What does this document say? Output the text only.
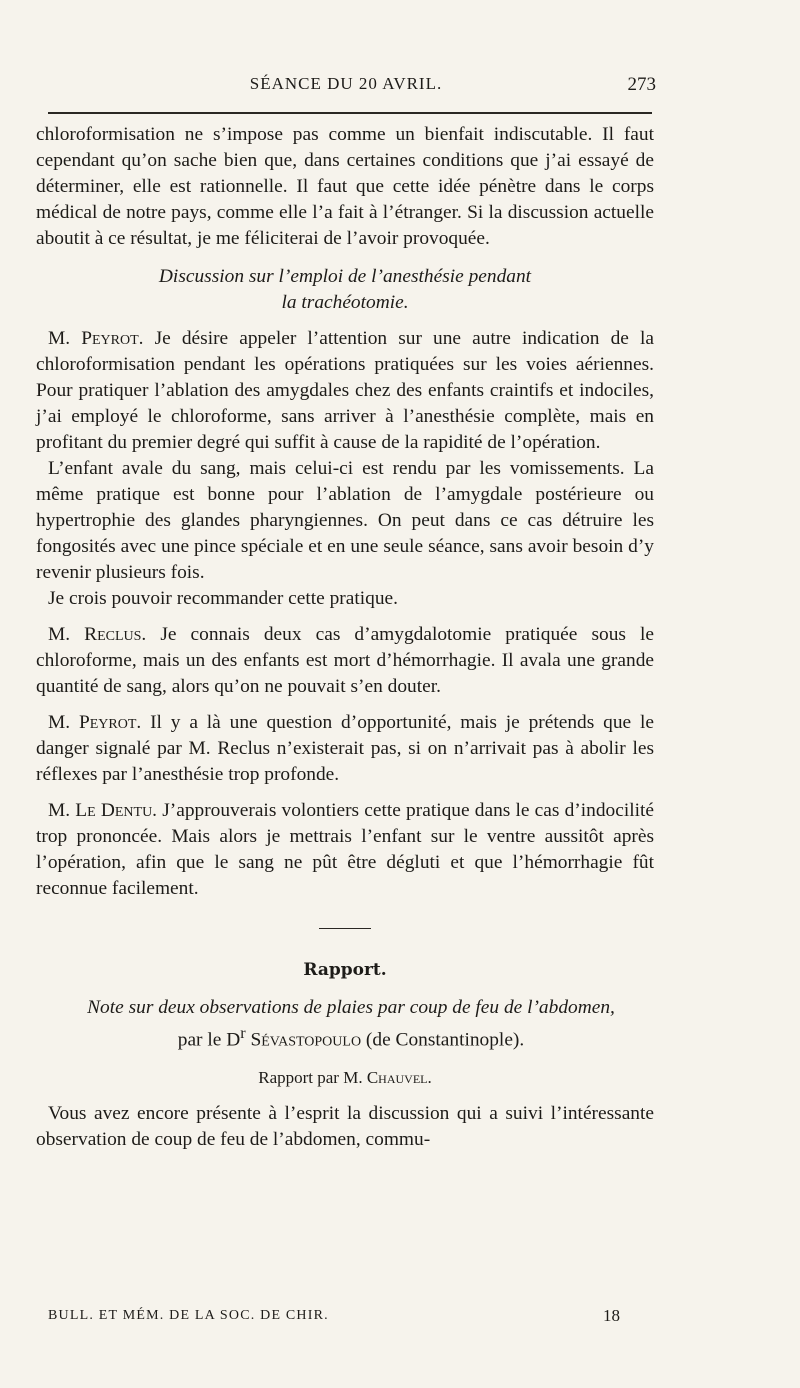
SÉANCE DU 20 AVRIL.	273

chloroformisation ne s’impose pas comme un bienfait indiscutable. Il faut cependant qu’on sache bien que, dans certaines conditions que j’ai essayé de déterminer, elle est rationnelle. Il faut que cette idée pénètre dans le corps médical de notre pays, comme elle l’a fait à l’étranger. Si la discussion actuelle aboutit à ce résultat, je me féliciterai de l’avoir provoquée.

Discussion sur l’emploi de l’anesthésie pendant
la trachéotomie.

M. Peyrot. Je désire appeler l’attention sur une autre indication de la chloroformisation pendant les opérations pratiquées sur les voies aériennes. Pour pratiquer l’ablation des amygdales chez des enfants craintifs et indociles, j’ai employé le chloroforme, sans arriver à l’anesthésie complète, mais en profitant du premier degré qui suffit à cause de la rapidité de l’opération.

L’enfant avale du sang, mais celui-ci est rendu par les vomissements. La même pratique est bonne pour l’ablation de l’amygdale postérieure ou hypertrophie des glandes pharyngiennes. On peut dans ce cas détruire les fongosités avec une pince spéciale et en une seule séance, sans avoir besoin d’y revenir plusieurs fois.

Je crois pouvoir recommander cette pratique.

M. Reclus. Je connais deux cas d’amygdalotomie pratiquée sous le chloroforme, mais un des enfants est mort d’hémorrhagie. Il avala une grande quantité de sang, alors qu’on ne pouvait s’en douter.

M. Peyrot. Il y a là une question d’opportunité, mais je prétends que le danger signalé par M. Reclus n’existerait pas, si on n’arrivait pas à abolir les réflexes par l’anesthésie trop profonde.

M. Le Dentu. J’approuverais volontiers cette pratique dans le cas d’indocilité trop prononcée. Mais alors je mettrais l’enfant sur le ventre aussitôt après l’opération, afin que le sang ne pût être dégluti et que l’hémorrhagie fût reconnue facilement.

Rapport.

Note sur deux observations de plaies par coup de feu de l’abdomen,

par le $D^r$ Sévastopoulo (de Constantinople).

Rapport par M. Chauvel.

Vous avez encore présente à l’esprit la discussion qui a suivi l’intéressante observation de coup de feu de l’abdomen, commu-

BULL. ET MÉM. DE LA SOC. DE CHIR.	18
